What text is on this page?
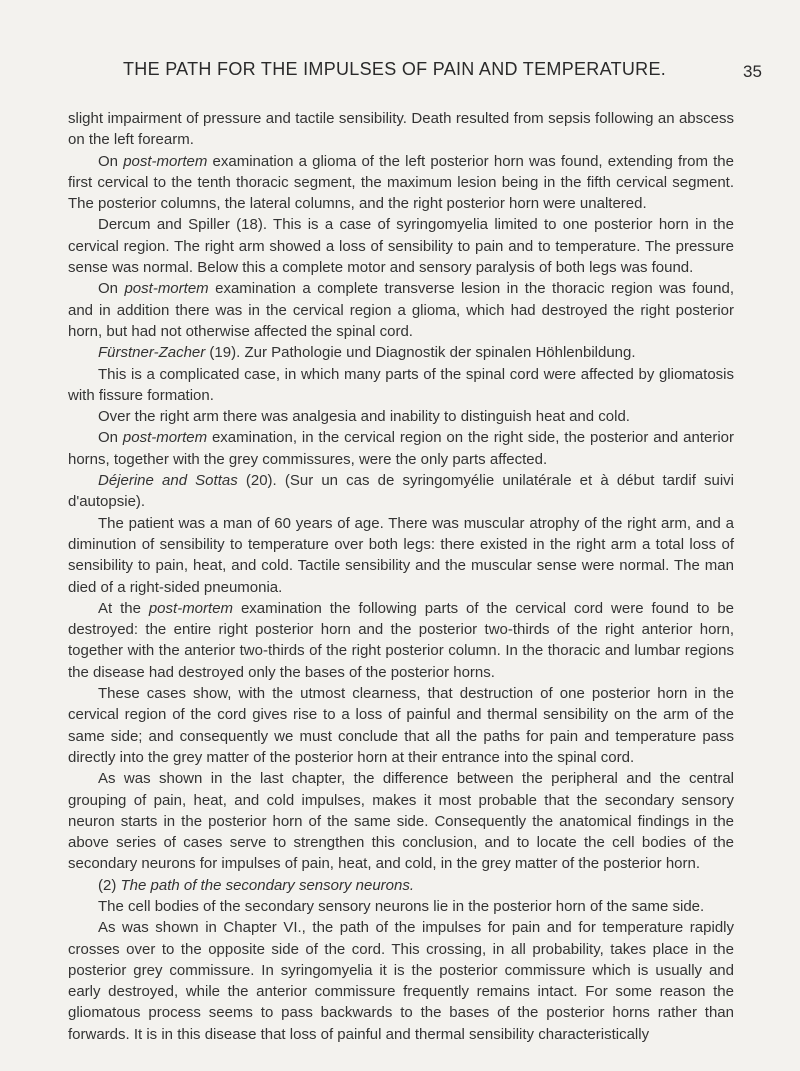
THE PATH FOR THE IMPULSES OF PAIN AND TEMPERATURE.	35

slight impairment of pressure and tactile sensibility. Death resulted from sepsis following an abscess on the left forearm.

On post-mortem examination a glioma of the left posterior horn was found, extending from the first cervical to the tenth thoracic segment, the maximum lesion being in the fifth cervical segment. The posterior columns, the lateral columns, and the right posterior horn were unaltered.

Dercum and Spiller (18). This is a case of syringomyelia limited to one posterior horn in the cervical region. The right arm showed a loss of sensibility to pain and to temperature. The pressure sense was normal. Below this a complete motor and sensory paralysis of both legs was found.

On post-mortem examination a complete transverse lesion in the thoracic region was found, and in addition there was in the cervical region a glioma, which had destroyed the right posterior horn, but had not otherwise affected the spinal cord.

Fürstner-Zacher (19). Zur Pathologie und Diagnostik der spinalen Höhlenbildung.

This is a complicated case, in which many parts of the spinal cord were affected by gliomatosis with fissure formation.

Over the right arm there was analgesia and inability to distinguish heat and cold.

On post-mortem examination, in the cervical region on the right side, the posterior and anterior horns, together with the grey commissures, were the only parts affected.

Déjerine and Sottas (20). (Sur un cas de syringomyélie unilatérale et à début tardif suivi d'autopsie).

The patient was a man of 60 years of age. There was muscular atrophy of the right arm, and a diminution of sensibility to temperature over both legs: there existed in the right arm a total loss of sensibility to pain, heat, and cold. Tactile sensibility and the muscular sense were normal. The man died of a right-sided pneumonia.

At the post-mortem examination the following parts of the cervical cord were found to be destroyed: the entire right posterior horn and the posterior two-thirds of the right anterior horn, together with the anterior two-thirds of the right posterior column. In the thoracic and lumbar regions the disease had destroyed only the bases of the posterior horns.

These cases show, with the utmost clearness, that destruction of one posterior horn in the cervical region of the cord gives rise to a loss of painful and thermal sensibility on the arm of the same side; and consequently we must conclude that all the paths for pain and temperature pass directly into the grey matter of the posterior horn at their entrance into the spinal cord.

As was shown in the last chapter, the difference between the peripheral and the central grouping of pain, heat, and cold impulses, makes it most probable that the secondary sensory neuron starts in the posterior horn of the same side. Consequently the anatomical findings in the above series of cases serve to strengthen this conclusion, and to locate the cell bodies of the secondary neurons for impulses of pain, heat, and cold, in the grey matter of the posterior horn.

(2) The path of the secondary sensory neurons.

The cell bodies of the secondary sensory neurons lie in the posterior horn of the same side.

As was shown in Chapter VI., the path of the impulses for pain and for temperature rapidly crosses over to the opposite side of the cord. This crossing, in all probability, takes place in the posterior grey commissure. In syringomyelia it is the posterior commissure which is usually and early destroyed, while the anterior commissure frequently remains intact. For some reason the gliomatous process seems to pass backwards to the bases of the posterior horns rather than forwards. It is in this disease that loss of painful and thermal sensibility characteristically
